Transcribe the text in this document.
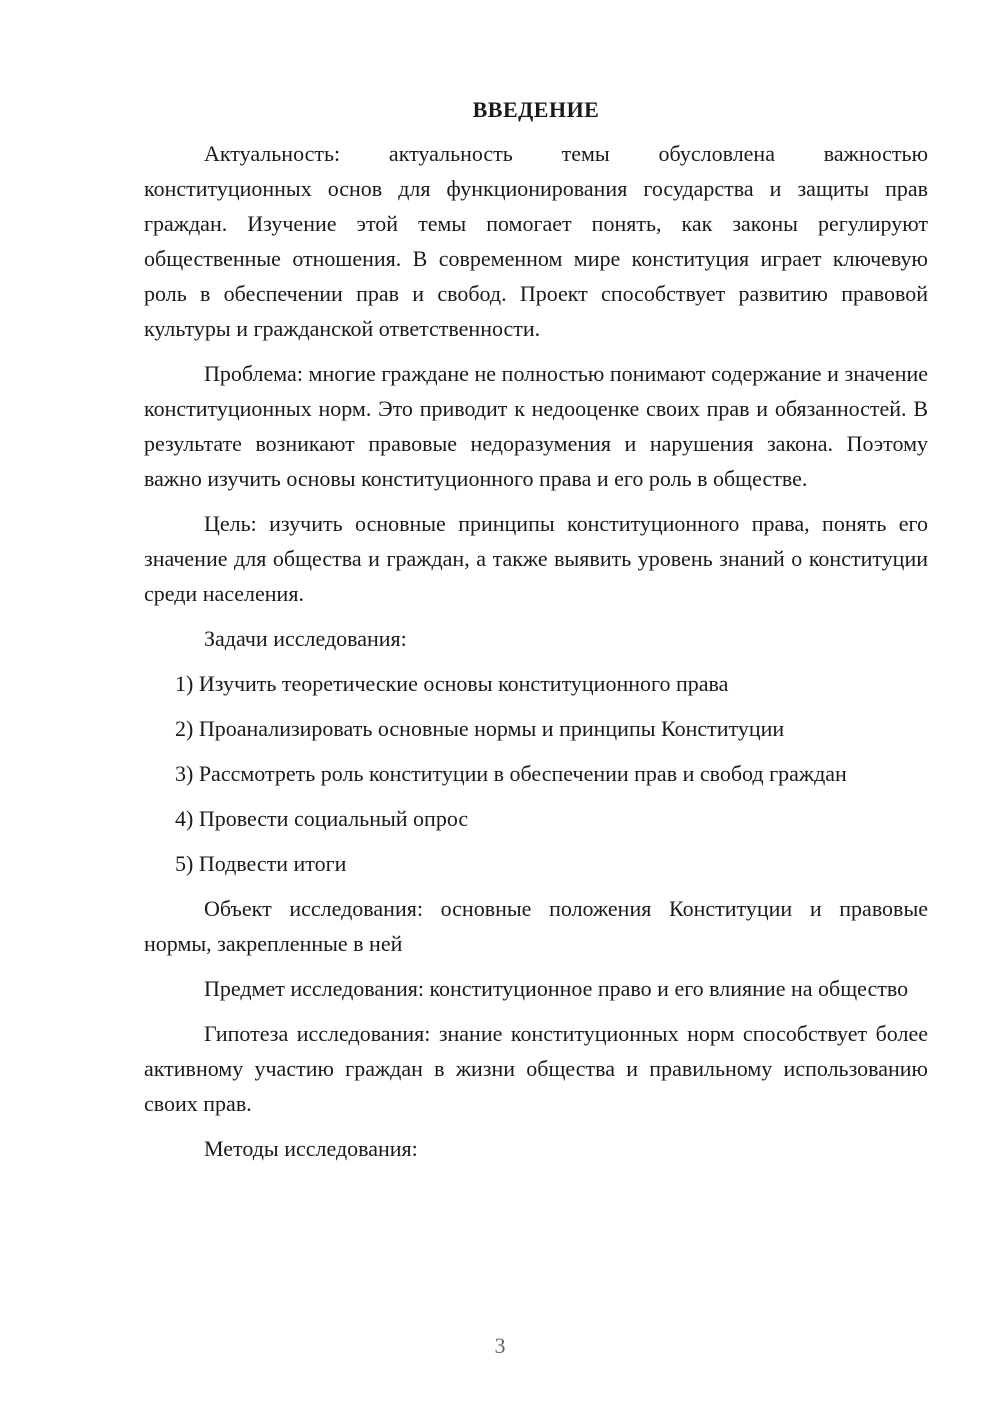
ВВЕДЕНИЕ

Актуальность: актуальность темы обусловлена важностью конституционных основ для функционирования государства и защиты прав граждан. Изучение этой темы помогает понять, как законы регулируют общественные отношения. В современном мире конституция играет ключевую роль в обеспечении прав и свобод. Проект способствует развитию правовой культуры и гражданской ответственности.

Проблема: многие граждане не полностью понимают содержание и значение конституционных норм. Это приводит к недооценке своих прав и обязанностей. В результате возникают правовые недоразумения и нарушения закона. Поэтому важно изучить основы конституционного права и его роль в обществе.

Цель: изучить основные принципы конституционного права, понять его значение для общества и граждан, а также выявить уровень знаний о конституции среди населения.

Задачи исследования:

1) Изучить теоретические основы конституционного права

2) Проанализировать основные нормы и принципы Конституции

3) Рассмотреть роль конституции в обеспечении прав и свобод граждан

4) Провести социальный опрос

5) Подвести итоги

Объект исследования: основные положения Конституции и правовые нормы, закрепленные в ней

Предмет исследования: конституционное право и его влияние на общество

Гипотеза исследования: знание конституционных норм способствует более активному участию граждан в жизни общества и правильному использованию своих прав.

Методы исследования:

3
